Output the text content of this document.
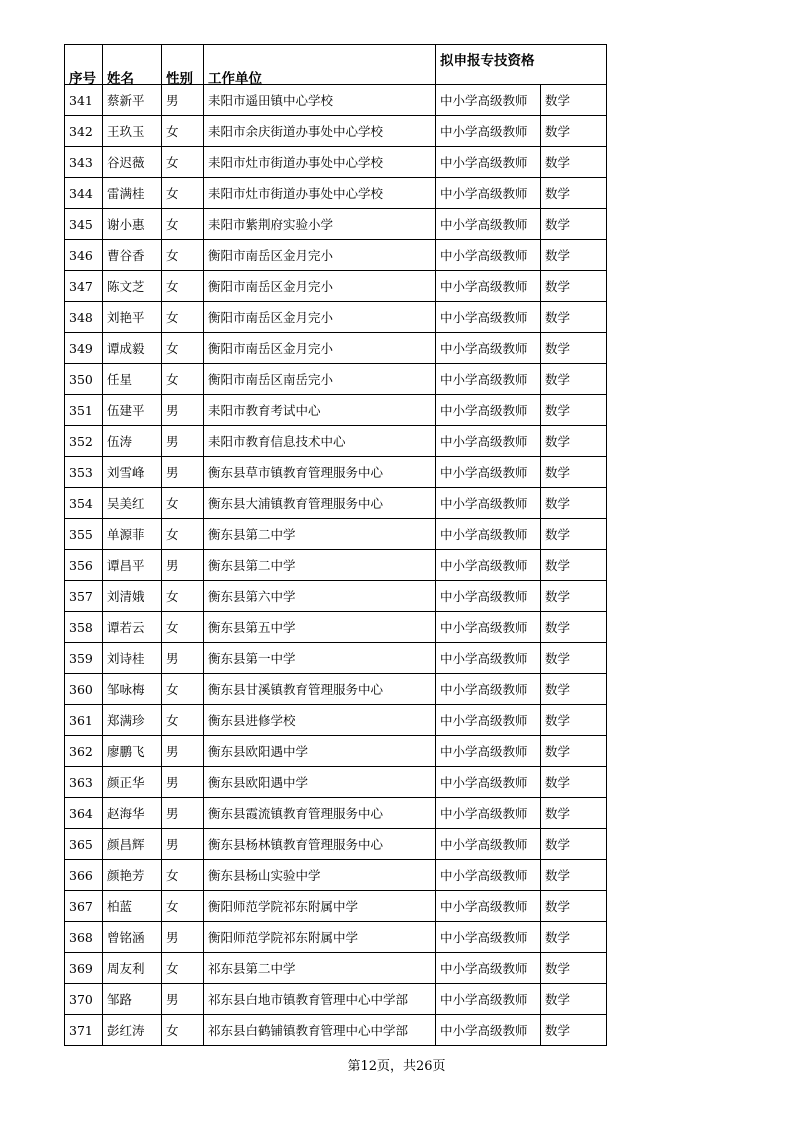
序号	姓名	性别	工作单位	拟申报专技资格	
341	蔡新平	男	耒阳市遥田镇中心学校	中小学高级教师	数学
342	王玖玉	女	耒阳市余庆街道办事处中心学校	中小学高级教师	数学
343	谷迟薇	女	耒阳市灶市街道办事处中心学校	中小学高级教师	数学
344	雷满桂	女	耒阳市灶市街道办事处中心学校	中小学高级教师	数学
345	谢小惠	女	耒阳市紫荆府实验小学	中小学高级教师	数学
346	曹谷香	女	衡阳市南岳区金月完小	中小学高级教师	数学
347	陈文芝	女	衡阳市南岳区金月完小	中小学高级教师	数学
348	刘艳平	女	衡阳市南岳区金月完小	中小学高级教师	数学
349	谭成毅	女	衡阳市南岳区金月完小	中小学高级教师	数学
350	任星	女	衡阳市南岳区南岳完小	中小学高级教师	数学
351	伍建平	男	耒阳市教育考试中心	中小学高级教师	数学
352	伍涛	男	耒阳市教育信息技术中心	中小学高级教师	数学
353	刘雪峰	男	衡东县草市镇教育管理服务中心	中小学高级教师	数学
354	吴美红	女	衡东县大浦镇教育管理服务中心	中小学高级教师	数学
355	单源菲	女	衡东县第二中学	中小学高级教师	数学
356	谭昌平	男	衡东县第二中学	中小学高级教师	数学
357	刘清娥	女	衡东县第六中学	中小学高级教师	数学
358	谭若云	女	衡东县第五中学	中小学高级教师	数学
359	刘诗桂	男	衡东县第一中学	中小学高级教师	数学
360	邹咏梅	女	衡东县甘溪镇教育管理服务中心	中小学高级教师	数学
361	郑满珍	女	衡东县进修学校	中小学高级教师	数学
362	廖鹏飞	男	衡东县欧阳遇中学	中小学高级教师	数学
363	颜正华	男	衡东县欧阳遇中学	中小学高级教师	数学
364	赵海华	男	衡东县霞流镇教育管理服务中心	中小学高级教师	数学
365	颜昌辉	男	衡东县杨林镇教育管理服务中心	中小学高级教师	数学
366	颜艳芳	女	衡东县杨山实验中学	中小学高级教师	数学
367	柏蓝	女	衡阳师范学院祁东附属中学	中小学高级教师	数学
368	曾铭涵	男	衡阳师范学院祁东附属中学	中小学高级教师	数学
369	周友利	女	祁东县第二中学	中小学高级教师	数学
370	邹路	男	祁东县白地市镇教育管理中心中学部	中小学高级教师	数学
371	彭红涛	女	祁东县白鹤铺镇教育管理中心中学部	中小学高级教师	数学
第12页，共26页
